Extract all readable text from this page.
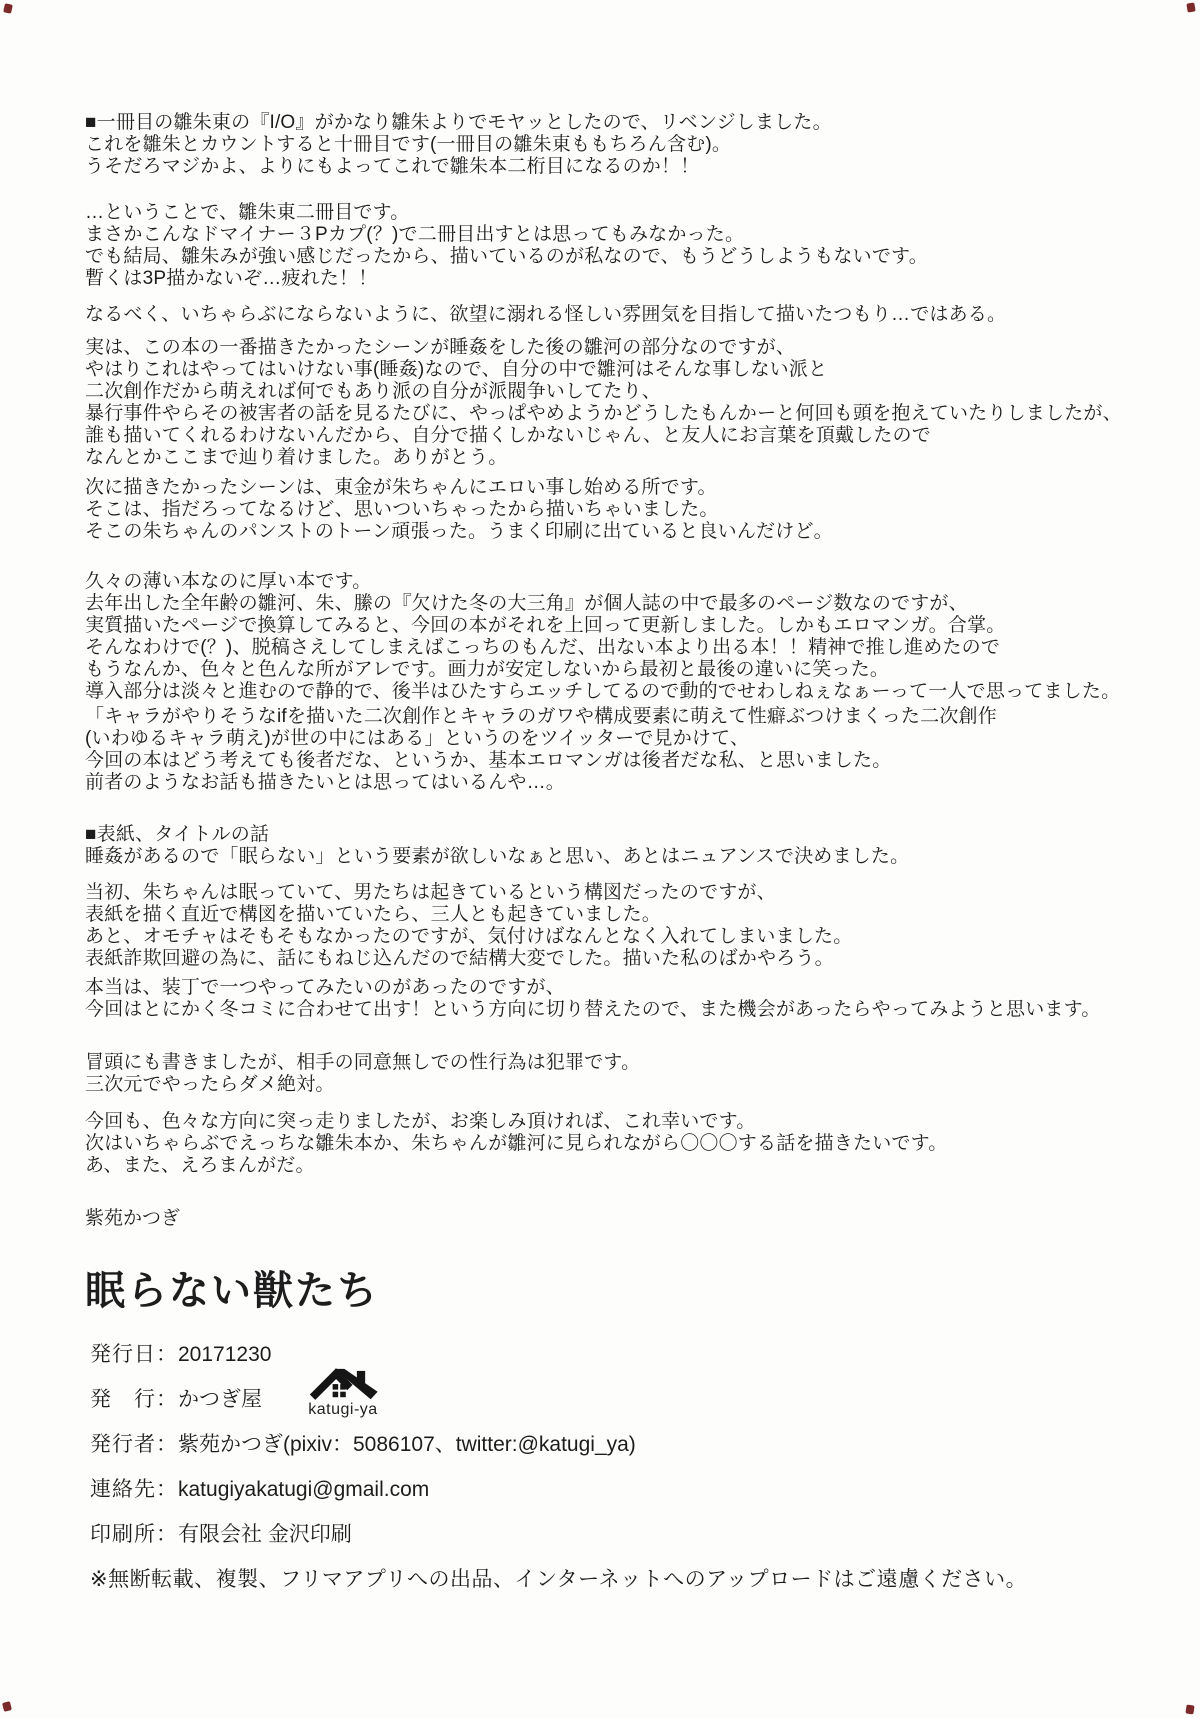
■一冊目の雛朱東の『I/O』がかなり雛朱よりでモヤッとしたので、リベンジしました。
これを雛朱とカウントすると十冊目です(一冊目の雛朱東ももちろん含む)。
うそだろマジかよ、よりにもよってこれで雛朱本二桁目になるのか！！
…ということで、雛朱東二冊目です。
まさかこんなドマイナー３Pカプ(？)で二冊目出すとは思ってもみなかった。
でも結局、雛朱みが強い感じだったから、描いているのが私なので、もうどうしようもないです。
暫くは3P描かないぞ…疲れた！！
なるべく、いちゃらぶにならないように、欲望に溺れる怪しい雰囲気を目指して描いたつもり…ではある。
実は、この本の一番描きたかったシーンが睡姦をした後の雛河の部分なのですが、
やはりこれはやってはいけない事(睡姦)なので、自分の中で雛河はそんな事しない派と
二次創作だから萌えれば何でもあり派の自分が派閥争いしてたり、
暴行事件やらその被害者の話を見るたびに、やっぱやめようかどうしたもんかーと何回も頭を抱えていたりしましたが、
誰も描いてくれるわけないんだから、自分で描くしかないじゃん、と友人にお言葉を頂戴したので
なんとかここまで辿り着けました。ありがとう。
次に描きたかったシーンは、東金が朱ちゃんにエロい事し始める所です。
そこは、指だろってなるけど、思いついちゃったから描いちゃいました。
そこの朱ちゃんのパンストのトーン頑張った。うまく印刷に出ていると良いんだけど。
久々の薄い本なのに厚い本です。
去年出した全年齢の雛河、朱、縢の『欠けた冬の大三角』が個人誌の中で最多のページ数なのですが、
実質描いたページで換算してみると、今回の本がそれを上回って更新しました。しかもエロマンガ。合掌。
そんなわけで(？)、脱稿さえしてしまえばこっちのもんだ、出ない本より出る本！！精神で推し進めたので
もうなんか、色々と色んな所がアレです。画力が安定しないから最初と最後の違いに笑った。
導入部分は淡々と進むので静的で、後半はひたすらエッチしてるので動的でせわしねぇなぁーって一人で思ってました。
「キャラがやりそうなifを描いた二次創作とキャラのガワや構成要素に萌えて性癖ぶつけまくった二次創作
(いわゆるキャラ萌え)が世の中にはある」というのをツイッターで見かけて、
今回の本はどう考えても後者だな、というか、基本エロマンガは後者だな私、と思いました。
前者のようなお話も描きたいとは思ってはいるんや…。
■表紙、タイトルの話
睡姦があるので「眠らない」という要素が欲しいなぁと思い、あとはニュアンスで決めました。
当初、朱ちゃんは眠っていて、男たちは起きているという構図だったのですが、
表紙を描く直近で構図を描いていたら、三人とも起きていました。
あと、オモチャはそもそもなかったのですが、気付けばなんとなく入れてしまいました。
表紙詐欺回避の為に、話にもねじ込んだので結構大変でした。描いた私のばかやろう。
本当は、装丁で一つやってみたいのがあったのですが、
今回はとにかく冬コミに合わせて出す！という方向に切り替えたので、また機会があったらやってみようと思います。
冒頭にも書きましたが、相手の同意無しでの性行為は犯罪です。
三次元でやったらダメ絶対。
今回も、色々な方向に突っ走りましたが、お楽しみ頂ければ、これ幸いです。
次はいちゃらぶでえっちな雛朱本か、朱ちゃんが雛河に見られながら〇〇〇する話を描きたいです。
あ、また、えろまんがだ。
紫苑かつぎ
眠らない獣たち
発行日：20171230
発　行：かつぎ屋
発行者：紫苑かつぎ(pixiv：5086107、twitter:@katugi_ya)
連絡先：katugiyakatugi@gmail.com
印刷所：有限会社 金沢印刷
※無断転載、複製、フリマアプリへの出品、インターネットへのアップロードはご遠慮ください。
katugi-ya
